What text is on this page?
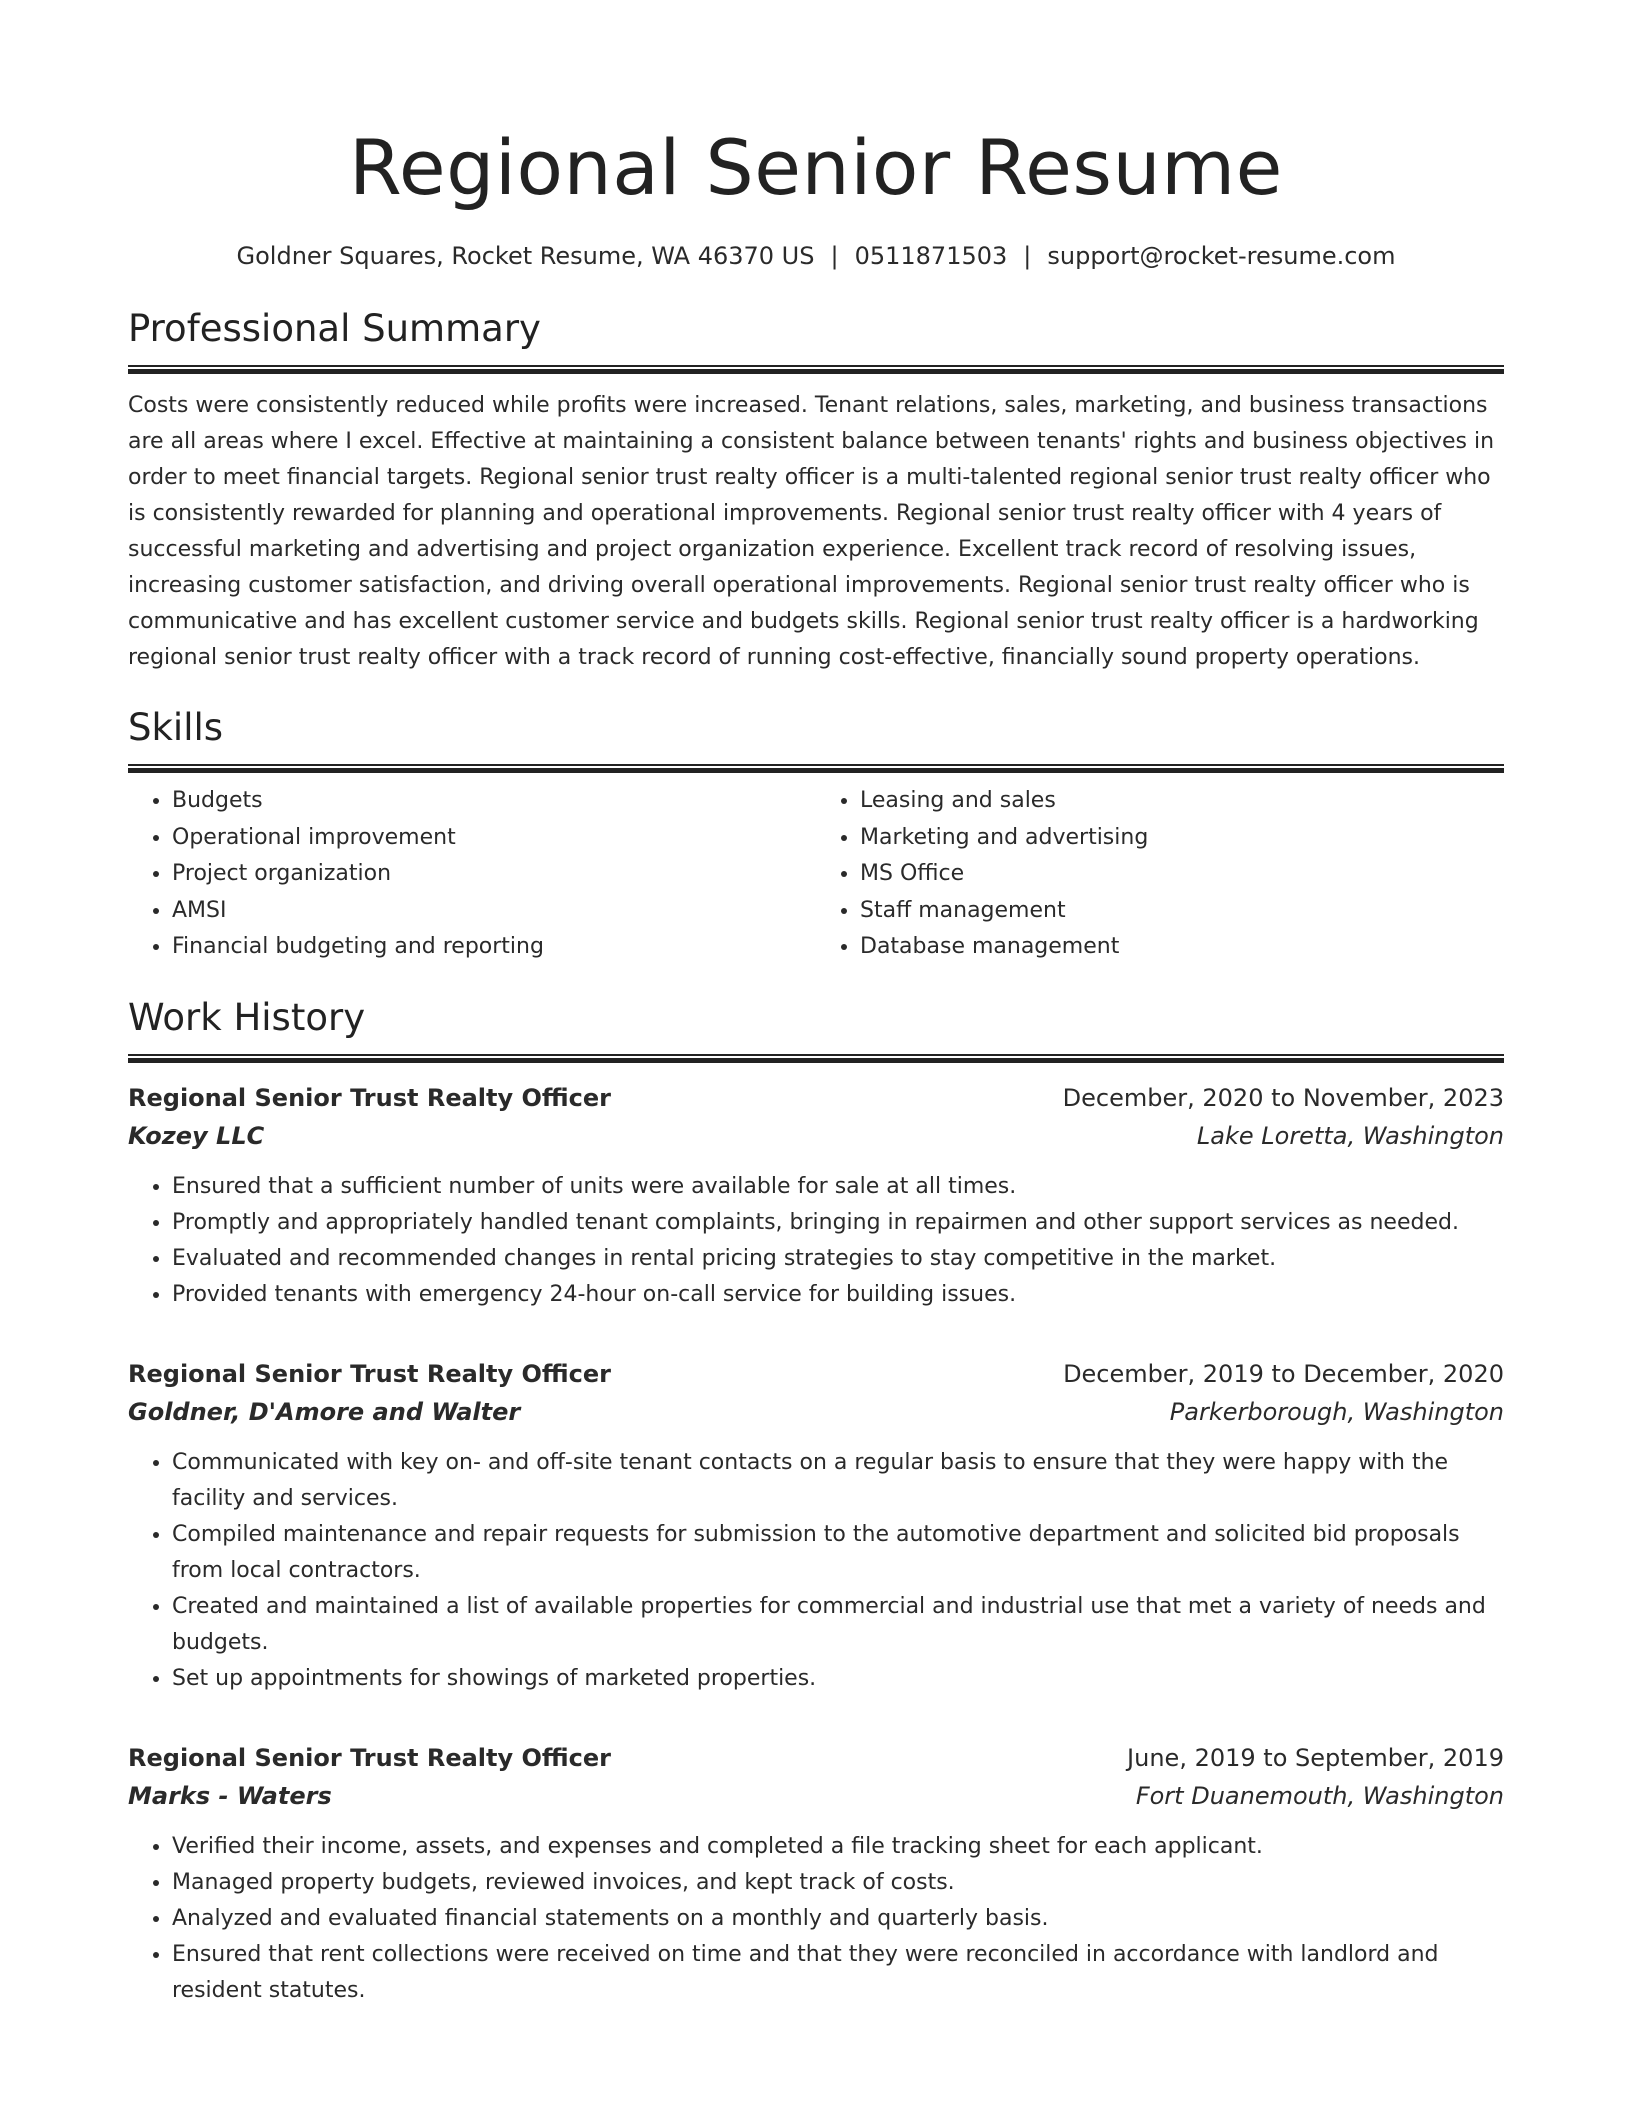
Regional Senior Resume
Goldner Squares, Rocket Resume, WA 46370 US | 0511871503 | support@rocket-resume.com
Professional Summary
Costs were consistently reduced while profits were increased. Tenant relations, sales, marketing, and business transactions are all areas where I excel. Effective at maintaining a consistent balance between tenants' rights and business objectives in order to meet financial targets. Regional senior trust realty officer is a multi-talented regional senior trust realty officer who is consistently rewarded for planning and operational improvements. Regional senior trust realty officer with 4 years of successful marketing and advertising and project organization experience. Excellent track record of resolving issues, increasing customer satisfaction, and driving overall operational improvements. Regional senior trust realty officer who is communicative and has excellent customer service and budgets skills. Regional senior trust realty officer is a hardworking regional senior trust realty officer with a track record of running cost-effective, financially sound property operations.
Skills
• Budgets
• Operational improvement
• Project organization
• AMSI
• Financial budgeting and reporting
• Leasing and sales
• Marketing and advertising
• MS Office
• Staff management
• Database management
Work History
Regional Senior Trust Realty Officer	December, 2020 to November, 2023
Kozey LLC	Lake Loretta, Washington
• Ensured that a sufficient number of units were available for sale at all times.
• Promptly and appropriately handled tenant complaints, bringing in repairmen and other support services as needed.
• Evaluated and recommended changes in rental pricing strategies to stay competitive in the market.
• Provided tenants with emergency 24-hour on-call service for building issues.
Regional Senior Trust Realty Officer	December, 2019 to December, 2020
Goldner, D'Amore and Walter	Parkerborough, Washington
• Communicated with key on- and off-site tenant contacts on a regular basis to ensure that they were happy with the facility and services.
• Compiled maintenance and repair requests for submission to the automotive department and solicited bid proposals from local contractors.
• Created and maintained a list of available properties for commercial and industrial use that met a variety of needs and budgets.
• Set up appointments for showings of marketed properties.
Regional Senior Trust Realty Officer	June, 2019 to September, 2019
Marks - Waters	Fort Duanemouth, Washington
• Verified their income, assets, and expenses and completed a file tracking sheet for each applicant.
• Managed property budgets, reviewed invoices, and kept track of costs.
• Analyzed and evaluated financial statements on a monthly and quarterly basis.
• Ensured that rent collections were received on time and that they were reconciled in accordance with landlord and resident statutes.
